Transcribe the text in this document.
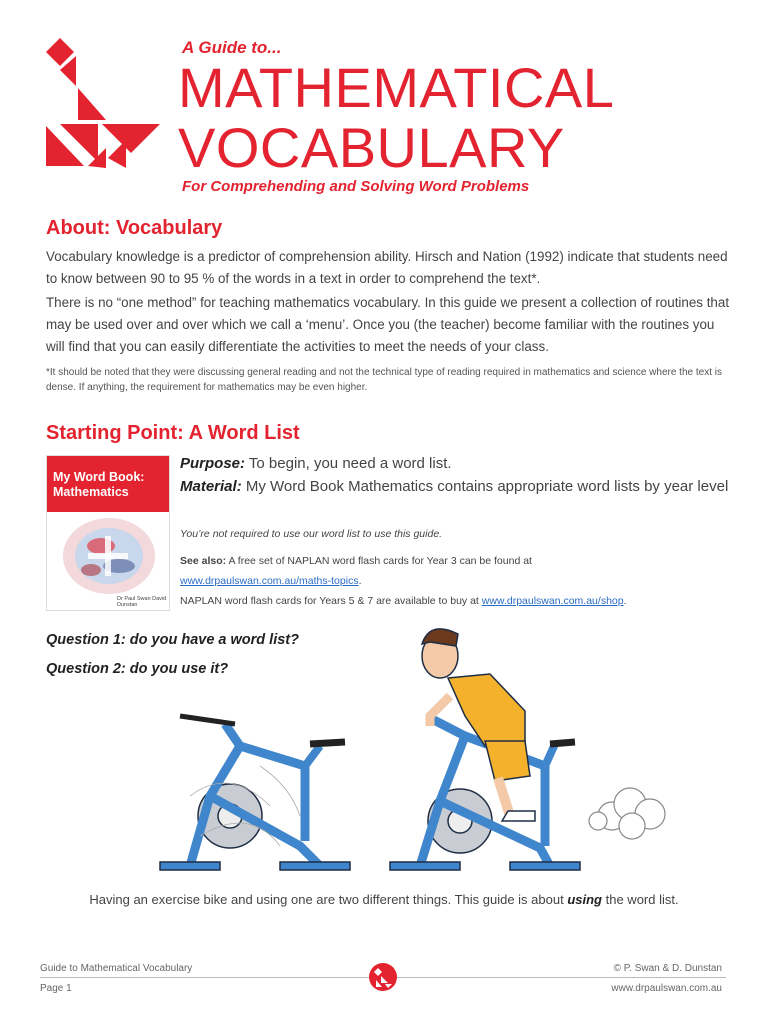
A Guide to...
MATHEMATICAL
VOCABULARY
For Comprehending and Solving Word Problems
About: Vocabulary
Vocabulary knowledge is a predictor of comprehension ability. Hirsch and Nation (1992) indicate that students need to know between 90 to 95 % of the words in a text in order to comprehend the text*.
There is no “one method” for teaching mathematics vocabulary. In this guide we present a collection of routines that may be used over and over which we call a ‘menu’. Once you (the teacher) become familiar with the routines you will find that you can easily differentiate the activities to meet the needs of your class.
*It should be noted that they were discussing general reading and not the technical type of reading required in mathematics and science where the text is dense. If anything, the requirement for mathematics may be even higher.
Starting Point: A Word List
My Word Book:
Mathematics
Dr Paul Swan David Dunstan
Purpose: To begin, you need a word list.
Material: My Word Book Mathematics contains appropriate word lists by year level
You’re not required to use our word list to use this guide.
See also: A free set of NAPLAN word flash cards for Year 3 can be found at
www.drpaulswan.com.au/maths-topics.
NAPLAN word flash cards for Years 5 & 7 are available to buy at www.drpaulswan.com.au/shop.
Question 1: do you have a word list?
Question 2: do you use it?
Having an exercise bike and using one are two different things. This guide is about using the word list.
Guide to Mathematical Vocabulary	© P. Swan & D. Dunstan
Page 1	www.drpaulswan.com.au
